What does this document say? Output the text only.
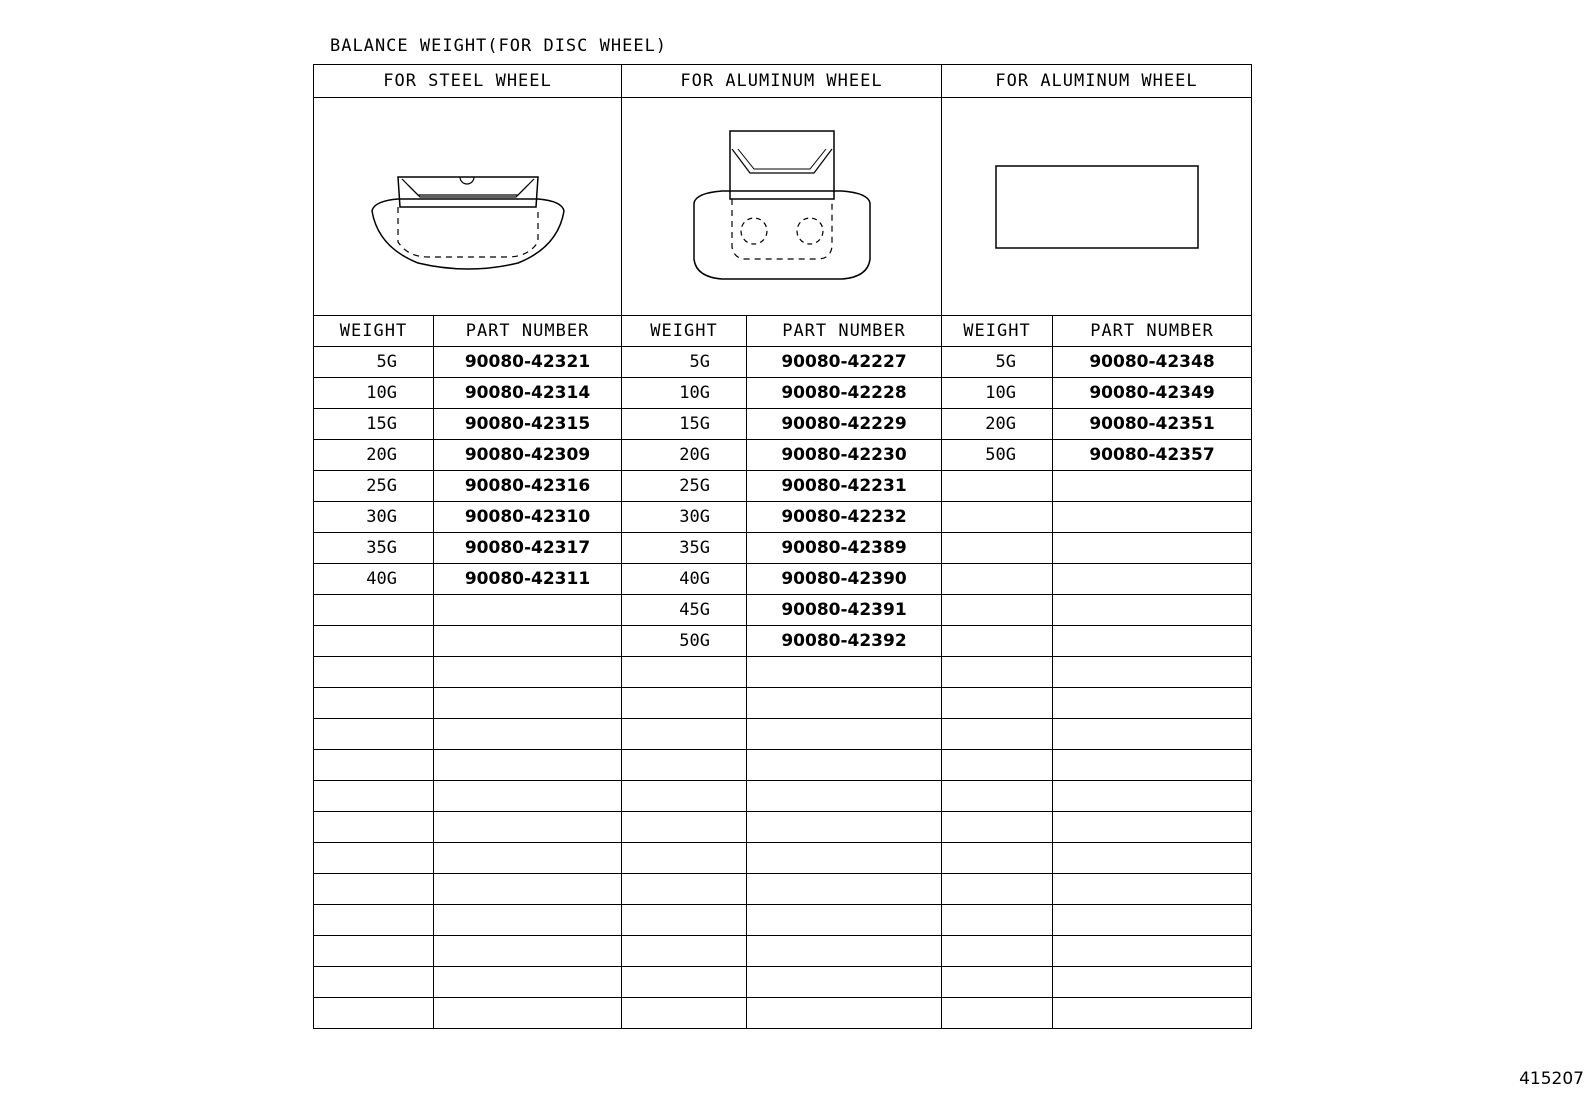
BALANCE WEIGHT(FOR DISC WHEEL)
FOR STEEL WHEEL		FOR ALUMINUM WHEEL		FOR ALUMINUM WHEEL	

WEIGHT	PART NUMBER	WEIGHT	PART NUMBER	WEIGHT	PART NUMBER
5G	90080-42321	5G	90080-42227	5G	90080-42348
10G	90080-42314	10G	90080-42228	10G	90080-42349
15G	90080-42315	15G	90080-42229	20G	90080-42351
20G	90080-42309	20G	90080-42230	50G	90080-42357
25G	90080-42316	25G	90080-42231		
30G	90080-42310	30G	90080-42232		
35G	90080-42317	35G	90080-42389		
40G	90080-42311	40G	90080-42390		
		45G	90080-42391		
		50G	90080-42392		

415207
